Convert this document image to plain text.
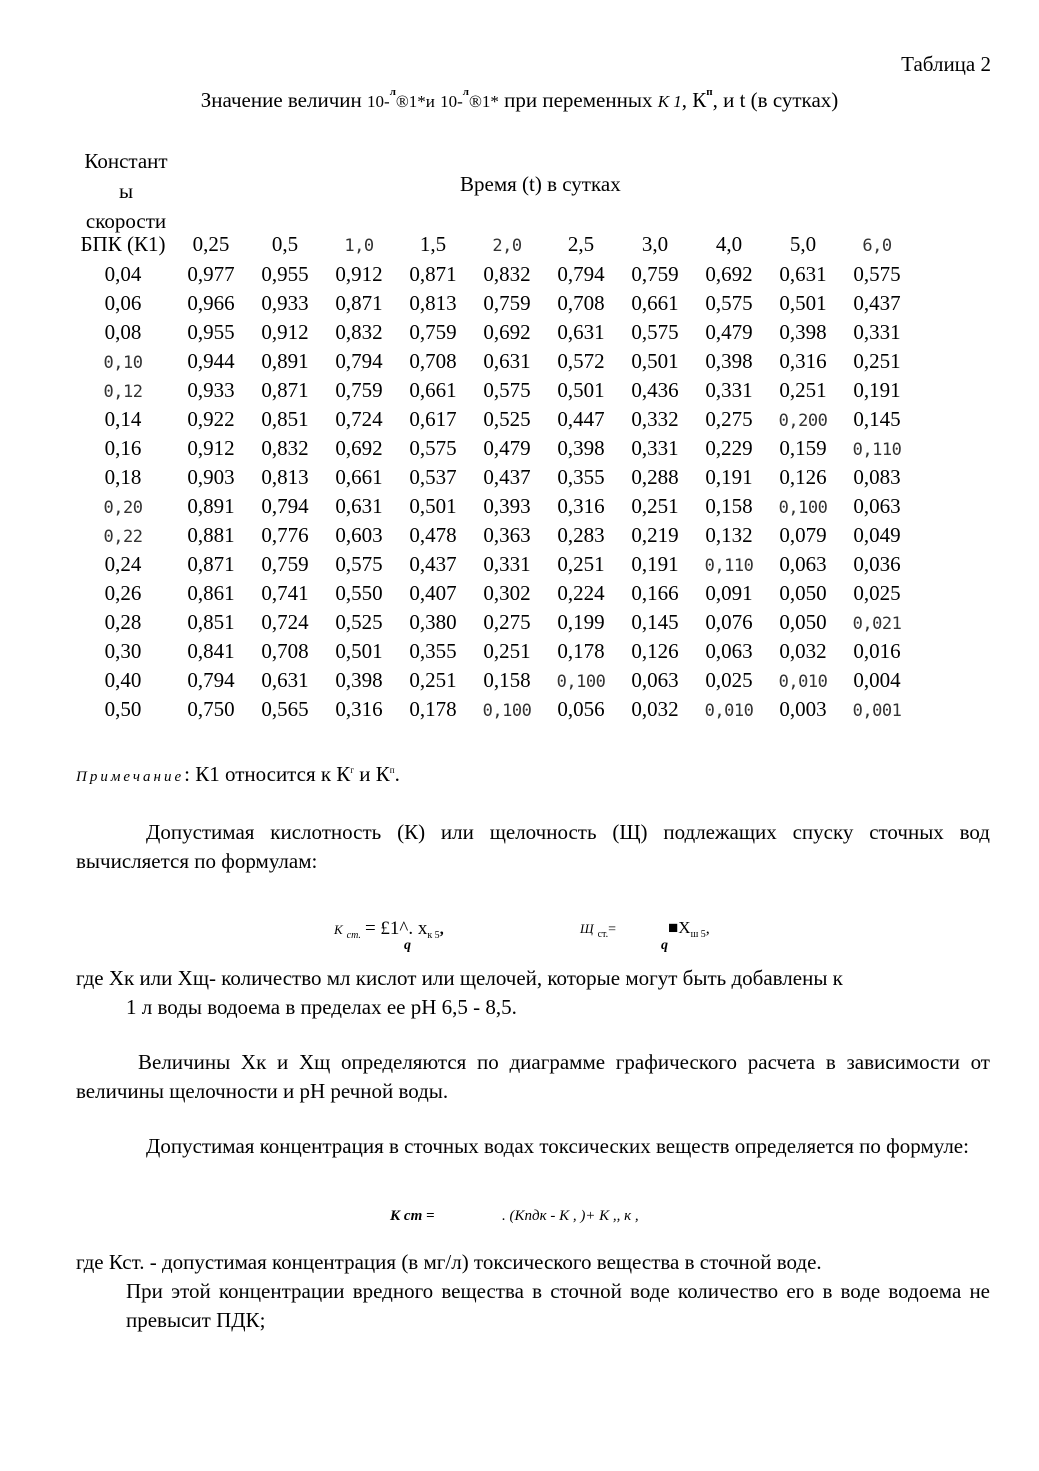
Таблица 2
Значение величин 10-$^л$®1*и 10-$^л$®1* при переменных К 1, $К^п$, и t (в сутках)
Констант
ы
скорости
Время (t) в сутках
БПК (К1)	0,25	0,5	1,0	1,5	2,0	2,5	3,0	4,0	5,0	6,0
0,04	0,977	0,955	0,912	0,871	0,832	0,794	0,759	0,692	0,631	0,575
0,06	0,966	0,933	0,871	0,813	0,759	0,708	0,661	0,575	0,501	0,437
0,08	0,955	0,912	0,832	0,759	0,692	0,631	0,575	0,479	0,398	0,331
0,10	0,944	0,891	0,794	0,708	0,631	0,572	0,501	0,398	0,316	0,251
0,12	0,933	0,871	0,759	0,661	0,575	0,501	0,436	0,331	0,251	0,191
0,14	0,922	0,851	0,724	0,617	0,525	0,447	0,332	0,275	0,200	0,145
0,16	0,912	0,832	0,692	0,575	0,479	0,398	0,331	0,229	0,159	0,110
0,18	0,903	0,813	0,661	0,537	0,437	0,355	0,288	0,191	0,126	0,083
0,20	0,891	0,794	0,631	0,501	0,393	0,316	0,251	0,158	0,100	0,063
0,22	0,881	0,776	0,603	0,478	0,363	0,283	0,219	0,132	0,079	0,049
0,24	0,871	0,759	0,575	0,437	0,331	0,251	0,191	0,110	0,063	0,036
0,26	0,861	0,741	0,550	0,407	0,302	0,224	0,166	0,091	0,050	0,025
0,28	0,851	0,724	0,525	0,380	0,275	0,199	0,145	0,076	0,050	0,021
0,30	0,841	0,708	0,501	0,355	0,251	0,178	0,126	0,063	0,032	0,016
0,40	0,794	0,631	0,398	0,251	0,158	0,100	0,063	0,025	0,010	0,004
0,50	0,750	0,565	0,316	0,178	0,100	0,056	0,032	0,010	0,003	0,001
Примечание: К1 относится к $К^г$ и $К^п$.
Допустимая кислотность (К) или щелочность (Щ) подлежащих спуску сточных вод вычисляется по формулам:
К $_{ст.}$ = £1^. $х_{к 5}$,
q
Щ $_{ст.}$=	$■Х_{ш 5}$,
q
где Хк или Хщ- количество мл кислот или щелочей, которые могут быть добавлены к
1 л воды водоема в пределах ее рН 6,5 - 8,5.
Величины Хк и Хщ определяются по диаграмме графического расчета в зависимости от величины щелочности и рН речной воды.
Допустимая концентрация в сточных водах токсических веществ определяется по формуле:
К ст =	. (Кпдк - К , )+ К ,, к ,
где Кст. - допустимая концентрация (в мг/л) токсического вещества в сточной воде.
При этой концентрации вредного вещества в сточной воде количество его в воде водоема не превысит ПДК;
